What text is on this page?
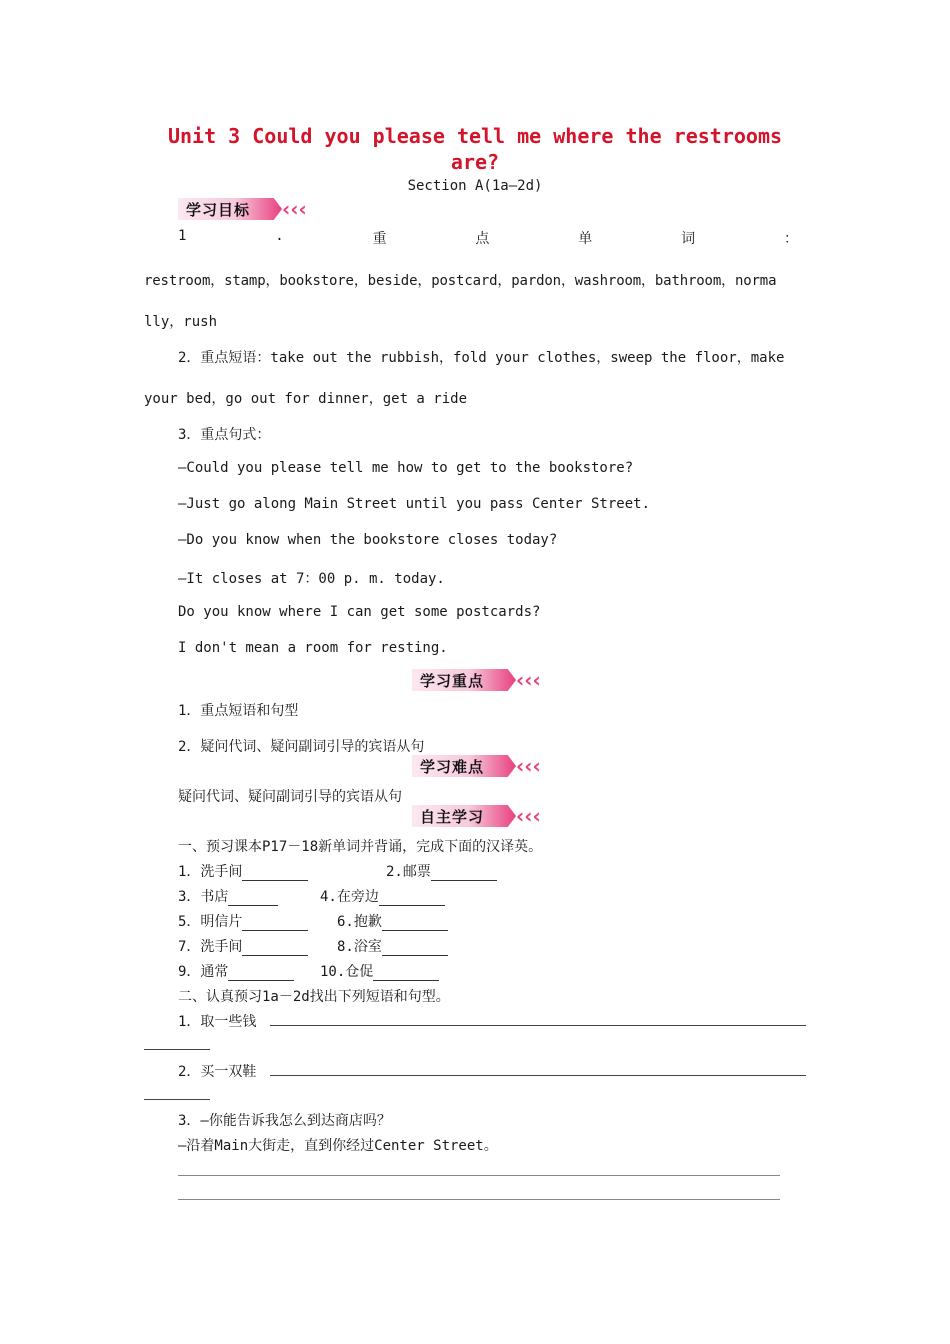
Unit 3 Could you please tell me where the restrooms
are?
Section A(1a—2d)
学习目标 ‹‹‹
1	.	重	点	单	词	：
restroom，stamp，bookstore，beside，postcard，pardon，washroom，bathroom，norma
lly，rush
2．重点短语：take out the rubbish，fold your clothes，sweep the floor，make
your bed，go out for dinner，get a ride
3．重点句式：
—Could you please tell me how to get to the bookstore?
—Just go along Main Street until you pass Center Street.
—Do you know when the bookstore closes today?
—It closes at 7：00 p. m. today.
Do you know where I can get some postcards?
I don't mean a room for resting.
学习重点 ‹‹‹
1．重点短语和句型
2．疑问代词、疑问副词引导的宾语从句
学习难点 ‹‹‹
疑问代词、疑问副词引导的宾语从句
自主学习 ‹‹‹
一、预习课本P17－18新单词并背诵，完成下面的汉译英。
1．洗手间	2.邮票
3．书店	4.在旁边
5．明信片	6.抱歉
7．洗手间	8.浴室
9．通常	10.仓促
二、认真预习1a－2d找出下列短语和句型。
1．取一些钱
2．买一双鞋
3．—你能告诉我怎么到达商店吗？
—沿着Main大街走，直到你经过Center Street。
